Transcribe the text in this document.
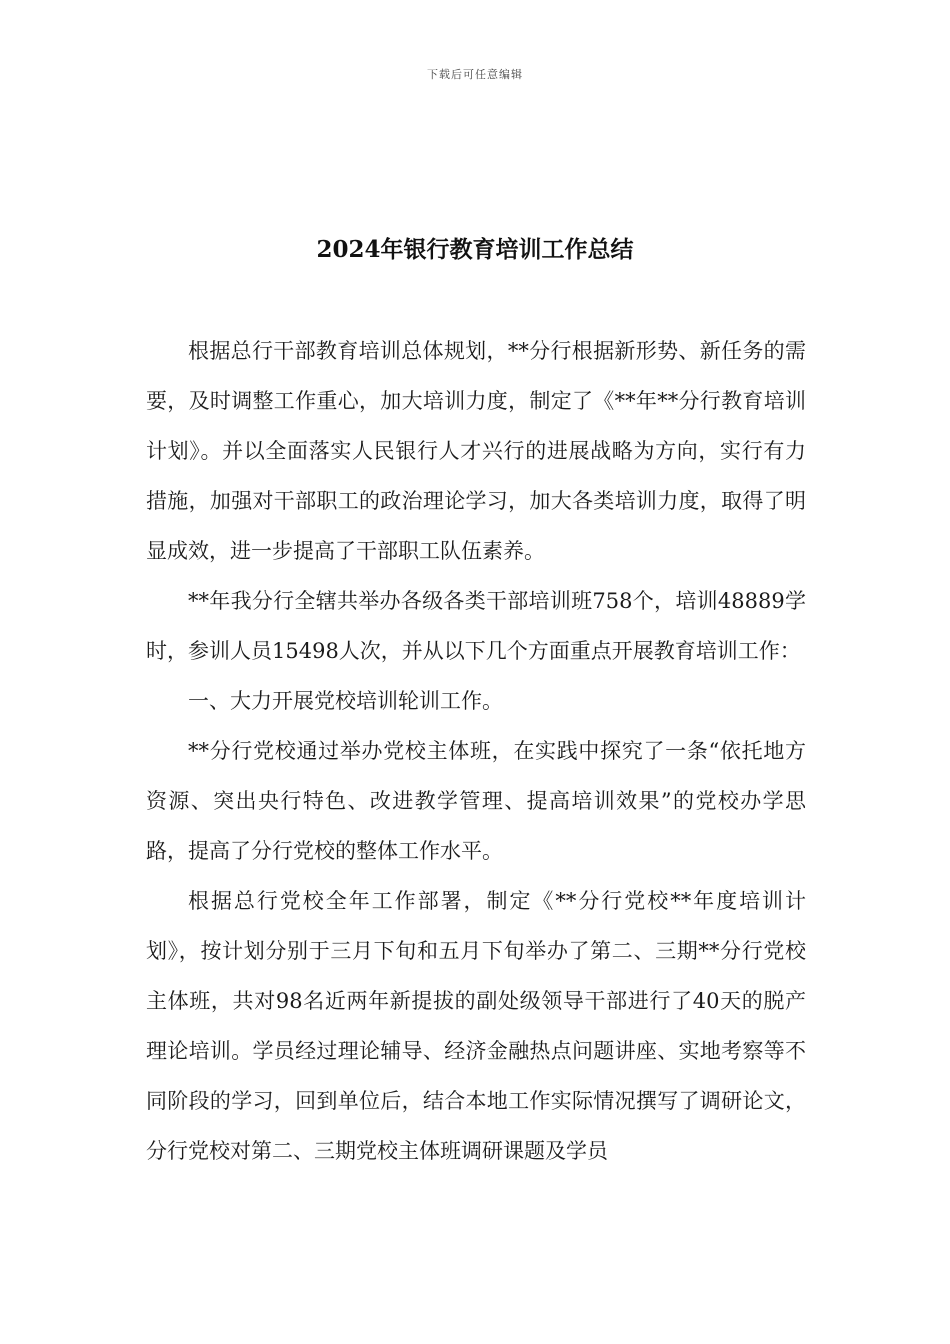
下载后可任意编辑
2024年银行教育培训工作总结

根据总行干部教育培训总体规划，**分行根据新形势、新任务的需要，及时调整工作重心，加大培训力度，制定了《**年**分行教育培训计划》。并以全面落实人民银行人才兴行的进展战略为方向，实行有力措施，加强对干部职工的政治理论学习，加大各类培训力度，取得了明显成效，进一步提高了干部职工队伍素养。

**年我分行全辖共举办各级各类干部培训班758个，培训48889学时，参训人员15498人次，并从以下几个方面重点开展教育培训工作：

一、大力开展党校培训轮训工作。

**分行党校通过举办党校主体班，在实践中探究了一条“依托地方资源、突出央行特色、改进教学管理、提高培训效果”的党校办学思路，提高了分行党校的整体工作水平。

根据总行党校全年工作部署，制定《**分行党校**年度培训计划》，按计划分别于三月下旬和五月下旬举办了第二、三期**分行党校主体班，共对98名近两年新提拔的副处级领导干部进行了40天的脱产理论培训。学员经过理论辅导、经济金融热点问题讲座、实地考察等不同阶段的学习，回到单位后，结合本地工作实际情况撰写了调研论文，分行党校对第二、三期党校主体班调研课题及学员
